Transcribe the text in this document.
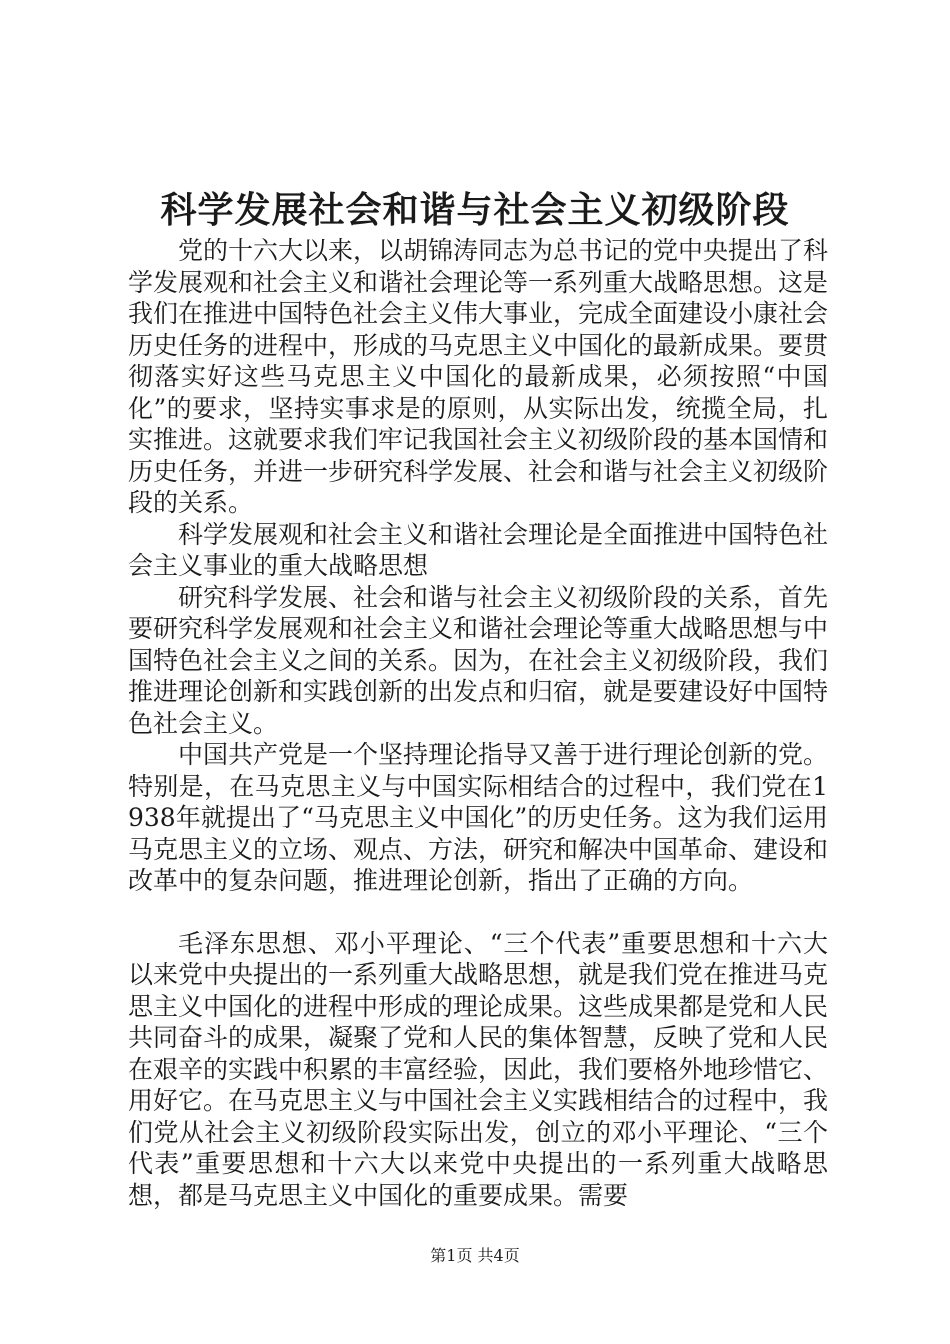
科学发展社会和谐与社会主义初级阶段

党的十六大以来，以胡锦涛同志为总书记的党中央提出了科学发展观和社会主义和谐社会理论等一系列重大战略思想。这是我们在推进中国特色社会主义伟大事业，完成全面建设小康社会历史任务的进程中，形成的马克思主义中国化的最新成果。要贯彻落实好这些马克思主义中国化的最新成果，必须按照“中国化”的要求，坚持实事求是的原则，从实际出发，统揽全局，扎实推进。这就要求我们牢记我国社会主义初级阶段的基本国情和历史任务，并进一步研究科学发展、社会和谐与社会主义初级阶段的关系。

科学发展观和社会主义和谐社会理论是全面推进中国特色社会主义事业的重大战略思想

研究科学发展、社会和谐与社会主义初级阶段的关系，首先要研究科学发展观和社会主义和谐社会理论等重大战略思想与中国特色社会主义之间的关系。因为，在社会主义初级阶段，我们推进理论创新和实践创新的出发点和归宿，就是要建设好中国特色社会主义。

中国共产党是一个坚持理论指导又善于进行理论创新的党。特别是，在马克思主义与中国实际相结合的过程中，我们党在1938年就提出了“马克思主义中国化”的历史任务。这为我们运用马克思主义的立场、观点、方法，研究和解决中国革命、建设和改革中的复杂问题，推进理论创新，指出了正确的方向。

毛泽东思想、邓小平理论、“三个代表”重要思想和十六大以来党中央提出的一系列重大战略思想，就是我们党在推进马克思主义中国化的进程中形成的理论成果。这些成果都是党和人民共同奋斗的成果，凝聚了党和人民的集体智慧，反映了党和人民在艰辛的实践中积累的丰富经验，因此，我们要格外地珍惜它、用好它。在马克思主义与中国社会主义实践相结合的过程中，我们党从社会主义初级阶段实际出发，创立的邓小平理论、“三个代表”重要思想和十六大以来党中央提出的一系列重大战略思想，都是马克思主义中国化的重要成果。需要

第1页 共4页
